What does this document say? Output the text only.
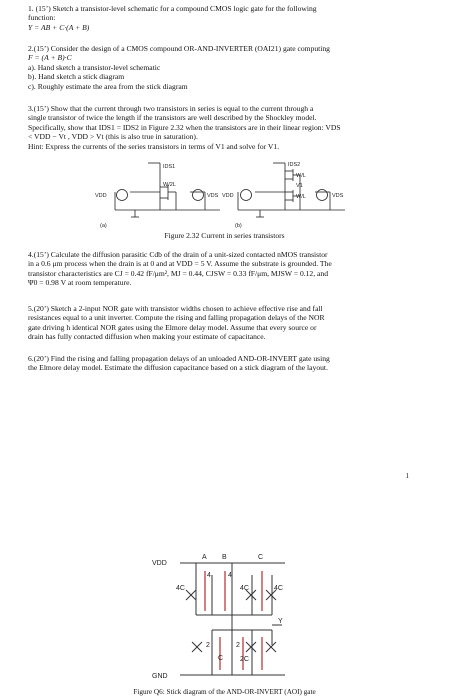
1. (15’) Sketch a transistor-level schematic for a compound CMOS logic gate for the following
function:
Y = AB + C·(A + B)
2.(15’) Consider the design of a CMOS compound OR-AND-INVERTER (OAI21) gate computing
F = (A + B)·C
a). Hand sketch a transistor-level schematic
b). Hand sketch a stick diagram
c). Roughly estimate the area from the stick diagram
3.(15’) Show that the current through two transistors in series is equal to the current through a
single transistor of twice the length if the transistors are well described by the Shockley model.
Specifically, show that IDS1 = IDS2 in Figure 2.32 when the transistors are in their linear region: VDS
< VDD − Vt , VDD > Vt (this is also true in saturation).
Hint: Express the currents of the series transistors in terms of V1 and solve for V1.
IDS1
W/2L
VDD	VDS
IDS2
W/L
V1
W/L
VDD	VDS
(a)	(b)
Figure 2.32 Current in series transistors
4.(15’) Calculate the diffusion parasitic Cdb of the drain of a unit-sized contacted nMOS transistor
in a 0.6 μm process when the drain is at 0 and at VDD = 5 V. Assume the substrate is grounded. The
transistor characteristics are CJ = 0.42 fF/μm², MJ = 0.44, CJSW = 0.33 fF/μm, MJSW = 0.12, and
Ψ0 = 0.98 V at room temperature.
5.(20’) Sketch a 2-input NOR gate with transistor widths chosen to achieve effective rise and fall
resistances equal to a unit inverter. Compute the rising and falling propagation delays of the NOR
gate driving h identical NOR gates using the Elmore delay model. Assume that every source or
drain has fully contacted diffusion when making your estimate of capacitance.
6.(20’) Find the rising and falling propagation delays of an unloaded AND-OR-INVERT gate using
the Elmore delay model. Estimate the diffusion capacitance based on a stick diagram of the layout.
1
VDD
GND
A B	C
Y
4C
4 4
4C	4C
2
C
2
2C
Figure Q6: Stick diagram of the AND-OR-INVERT (AOI) gate
